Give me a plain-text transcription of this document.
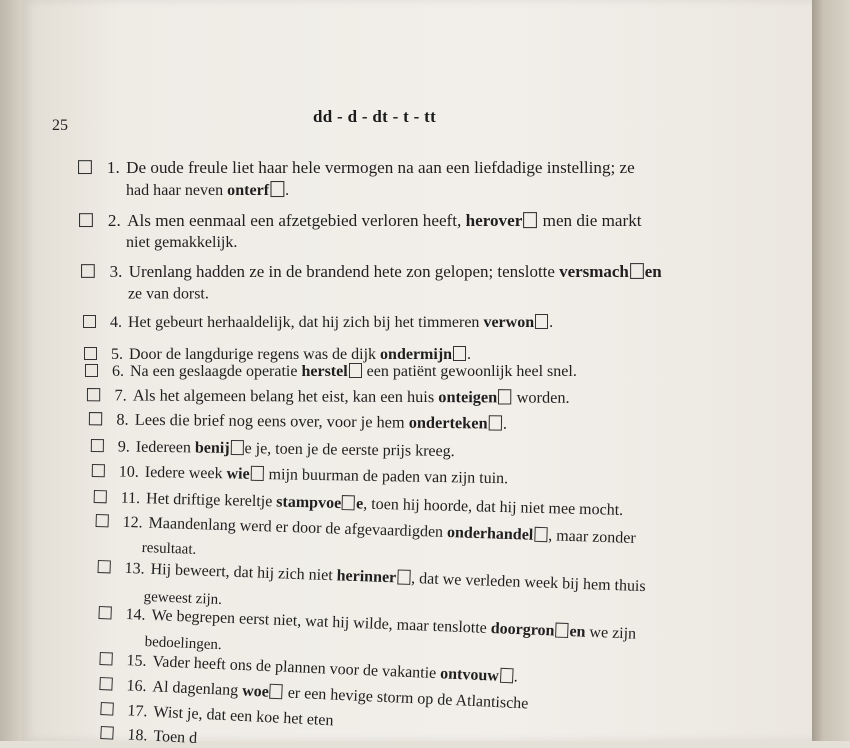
25	dd - d - dt - t - tt
1. De oude freule liet haar hele vermogen na aan een liefdadige instelling; ze
had haar neven onterf .
2. Als men eenmaal een afzetgebied verloren heeft, herover men die markt
niet gemakkelijk.
3. Urenlang hadden ze in de brandend hete zon gelopen; tenslotte versmach en
ze van dorst.
4. Het gebeurt herhaaldelijk, dat hij zich bij het timmeren verwon .
5. Door de langdurige regens was de dijk ondermijn .
6. Na een geslaagde operatie herstel een patiënt gewoonlijk heel snel.
7. Als het algemeen belang het eist, kan een huis onteigen worden.
8. Lees die brief nog eens over, voor je hem onderteken .
9. Iedereen benij e je, toen je de eerste prijs kreeg.
10. Iedere week wie mijn buurman de paden van zijn tuin.
11. Het driftige kereltje stampvoe e, toen hij hoorde, dat hij niet mee mocht.
12. Maandenlang werd er door de afgevaardigden onderhandel , maar zonder
resultaat.
13. Hij beweert, dat hij zich niet herinner , dat we verleden week bij hem thuis
geweest zijn.
14. We begrepen eerst niet, wat hij wilde, maar tenslotte doorgron en we zijn
bedoelingen.
15. Vader heeft ons de plannen voor de vakantie ontvouw .
16. Al dagenlang woe er een hevige storm op de Atlantische
17. Wist je, dat een koe het eten
18. Toen d
